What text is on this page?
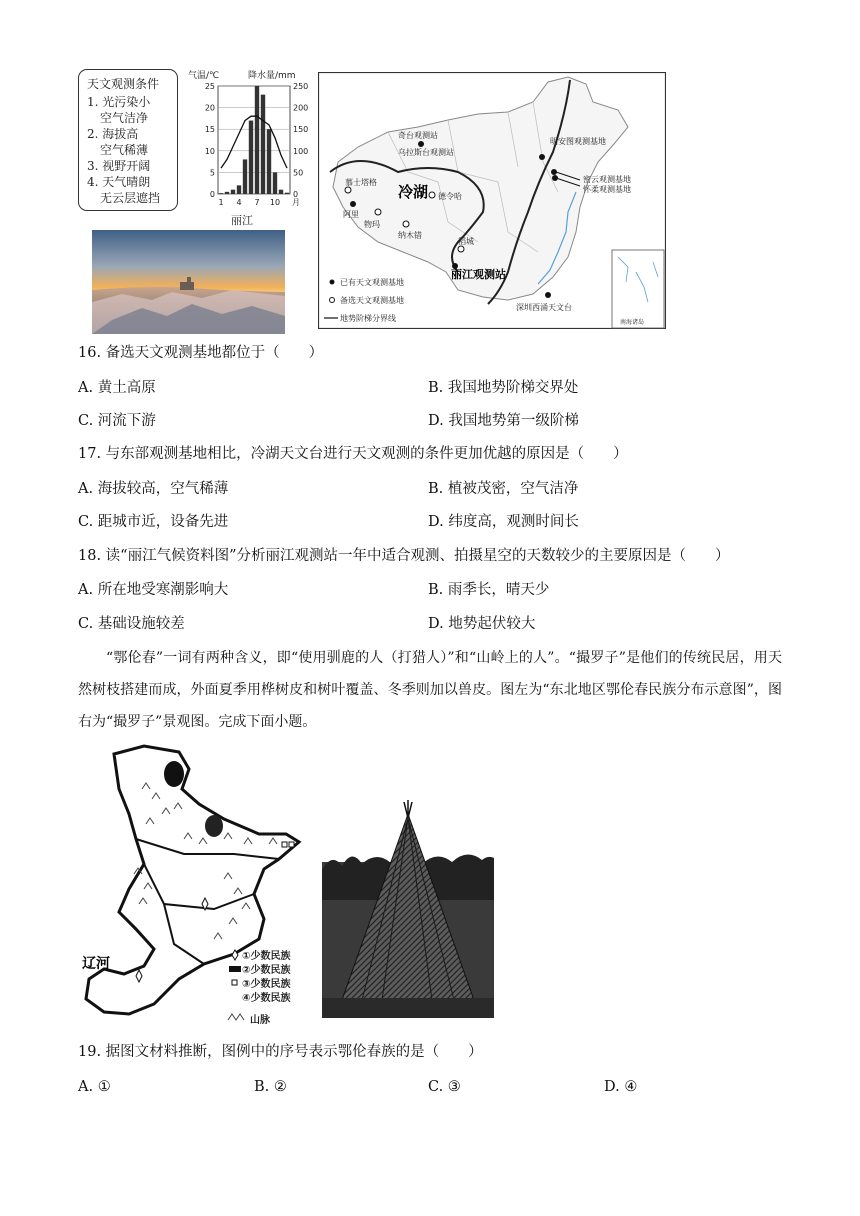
天文观测条件
1. 光污染小
空气洁净
2. 海拔高
空气稀薄
3. 视野开阔
4. 天气晴朗
无云层遮挡
气温/℃	降水量/mm
0
5
10
15
20
25
0
50
100
150
200
250
1 4 7 10 月
丽江
奇台观测站
乌拉斯台观测站
明安图观测基地
密云观测基地
怀柔观测基地
冷湖 德令哈
慕士塔格
阿里
物玛
纳木错
稻城
丽江观测站
深圳西涌天文台
已有天文观测基地
备选天文观测基地
地势阶梯分界线	南海诸岛
16. 备选天文观测基地都位于（　　）
A. 黄土高原	B. 我国地势阶梯交界处
C. 河流下游	D. 我国地势第一级阶梯
17. 与东部观测基地相比，冷湖天文台进行天文观测的条件更加优越的原因是（　　）
A. 海拔较高，空气稀薄	B. 植被茂密，空气洁净
C. 距城市近，设备先进	D. 纬度高，观测时间长
18. 读“丽江气候资料图”分析丽江观测站一年中适合观测、拍摄星空的天数较少的主要原因是（　　）
A. 所在地受寒潮影响大	B. 雨季长，晴天少
C. 基础设施较差	D. 地势起伏较大
“鄂伦春”一词有两种含义，即“使用驯鹿的人（打猎人）”和“山岭上的人”。“撮罗子”是他们的传统民居，用天然树枝搭建而成，外面夏季用桦树皮和树叶覆盖、冬季则加以兽皮。图左为“东北地区鄂伦春民族分布示意图”，图右为“撮罗子”景观图。完成下面小题。
辽河	①少数民族
②少数民族
③少数民族
④少数民族
山脉
19. 据图文材料推断，图例中的序号表示鄂伦春族的是（　　）
A. ①	B. ②	C. ③	D. ④
